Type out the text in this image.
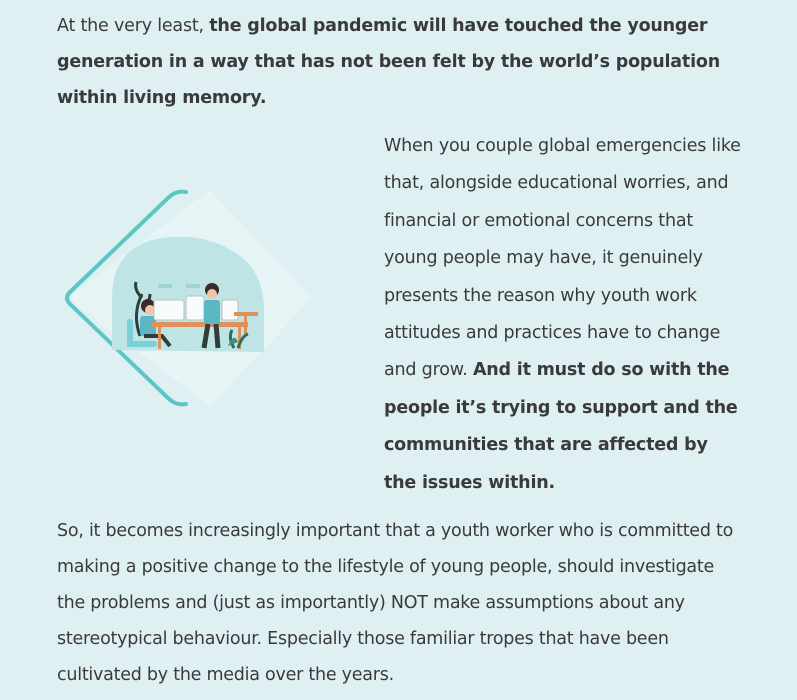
At the very least, the global pandemic will have touched the younger generation in a way that has not been felt by the world’s population within living memory.

When you couple global emergencies like that, alongside educational worries, and financial or emotional concerns that young people may have, it genuinely presents the reason why youth work attitudes and practices have to change and grow. And it must do so with the people it’s trying to support and the communities that are affected by the issues within.

So, it becomes increasingly important that a youth worker who is committed to making a positive change to the lifestyle of young people, should investigate the problems and (just as importantly) NOT make assumptions about any stereotypical behaviour. Especially those familiar tropes that have been cultivated by the media over the years.
